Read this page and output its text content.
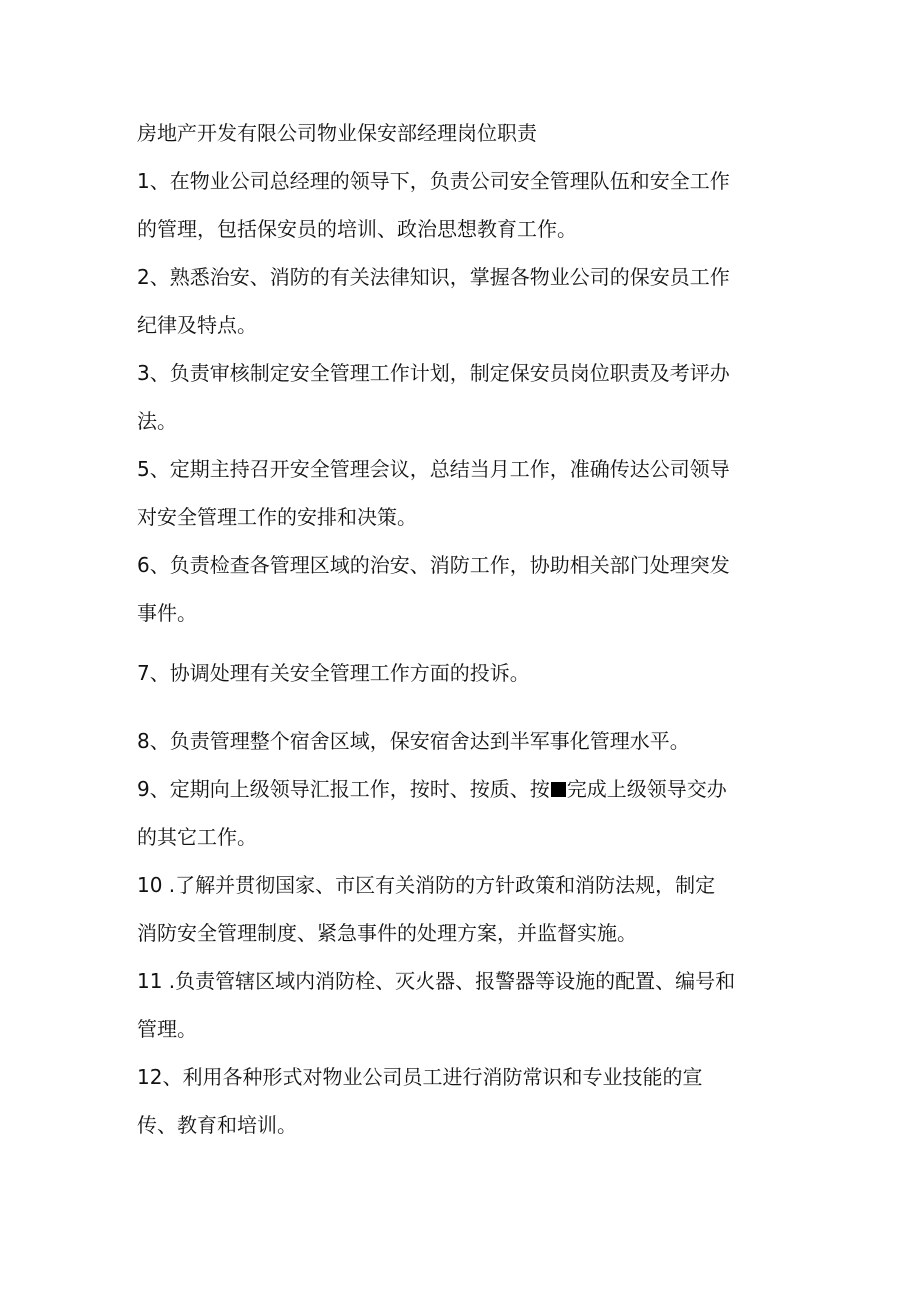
房地产开发有限公司物业保安部经理岗位职责
1、在物业公司总经理的领导下，负责公司安全管理队伍和安全工作
的管理，包括保安员的培训、政治思想教育工作。
2、熟悉治安、消防的有关法律知识，掌握各物业公司的保安员工作
纪律及特点。
3、负责审核制定安全管理工作计划，制定保安员岗位职责及考评办
法。
5、定期主持召开安全管理会议，总结当月工作，准确传达公司领导
对安全管理工作的安排和决策。
6、负责检查各管理区域的治安、消防工作，协助相关部门处理突发
事件。
7、协调处理有关安全管理工作方面的投诉。
8、负责管理整个宿舍区域，保安宿舍达到半军事化管理水平。
9、定期向上级领导汇报工作，按时、按质、按 完成上级领导交办
的其它工作。
10 .了解并贯彻国家、市区有关消防的方针政策和消防法规，制定
消防安全管理制度、紧急事件的处理方案，并监督实施。
11 .负责管辖区域内消防栓、灭火器、报警器等设施的配置、编号和
管理。
12、利用各种形式对物业公司员工进行消防常识和专业技能的宣
传、教育和培训。
